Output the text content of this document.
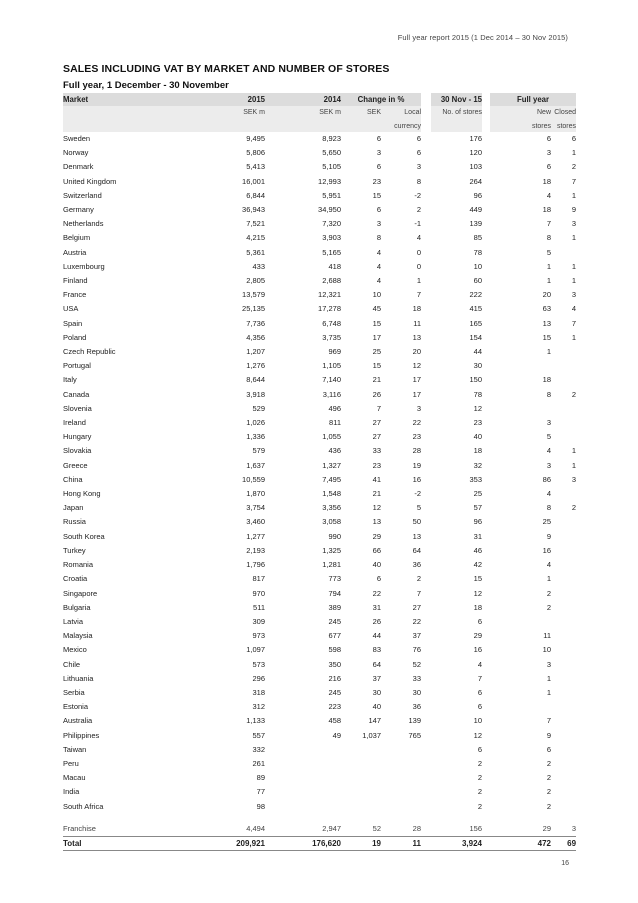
Full year report 2015 (1 Dec 2014 – 30 Nov 2015)
SALES INCLUDING VAT BY MARKET AND NUMBER OF STORES
Full year, 1 December - 30 November
Market	2015	2014	Change in %			30 Nov - 15		Full year		
	SEK m	SEK m	SEK	Local		No. of stores		New		Closed
				currency				stores		stores
Sweden	9,495	8,923	6	6		176			6	6
Norway	5,806	5,650	3	6		120			3	1
Denmark	5,413	5,105	6	3		103			6	2
United Kingdom	16,001	12,993	23	8		264			18	7
Switzerland	6,844	5,951	15	-2		96			4	1
Germany	36,943	34,950	6	2		449			18	9
Netherlands	7,521	7,320	3	-1		139			7	3
Belgium	4,215	3,903	8	4		85			8	1
Austria	5,361	5,165	4	0		78			5	
Luxembourg	433	418	4	0		10			1	1
Finland	2,805	2,688	4	1		60			1	1
France	13,579	12,321	10	7		222			20	3
USA	25,135	17,278	45	18		415			63	4
Spain	7,736	6,748	15	11		165			13	7
Poland	4,356	3,735	17	13		154			15	1
Czech Republic	1,207	969	25	20		44			1	
Portugal	1,276	1,105	15	12		30				
Italy	8,644	7,140	21	17		150			18	
Canada	3,918	3,116	26	17		78			8	2
Slovenia	529	496	7	3		12				
Ireland	1,026	811	27	22		23			3	
Hungary	1,336	1,055	27	23		40			5	
Slovakia	579	436	33	28		18			4	1
Greece	1,637	1,327	23	19		32			3	1
China	10,559	7,495	41	16		353			86	3
Hong Kong	1,870	1,548	21	-2		25			4	
Japan	3,754	3,356	12	5		57			8	2
Russia	3,460	3,058	13	50		96			25	
South Korea	1,277	990	29	13		31			9	
Turkey	2,193	1,325	66	64		46			16	
Romania	1,796	1,281	40	36		42			4	
Croatia	817	773	6	2		15			1	
Singapore	970	794	22	7		12			2	
Bulgaria	511	389	31	27		18			2	
Latvia	309	245	26	22		6				
Malaysia	973	677	44	37		29			11	
Mexico	1,097	598	83	76		16			10	
Chile	573	350	64	52		4			3	
Lithuania	296	216	37	33		7			1	
Serbia	318	245	30	30		6			1	
Estonia	312	223	40	36		6				
Australia	1,133	458	147	139		10			7	
Philippines	557	49	1,037	765		12			9	
Taiwan	332					6			6	
Peru	261					2			2	
Macau	89					2			2	
India	77					2			2	
South Africa	98					2			2	

Franchise	4,494	2,947	52	28		156			29	3
Total	209,921	176,620	19	11		3,924			472	69
16
